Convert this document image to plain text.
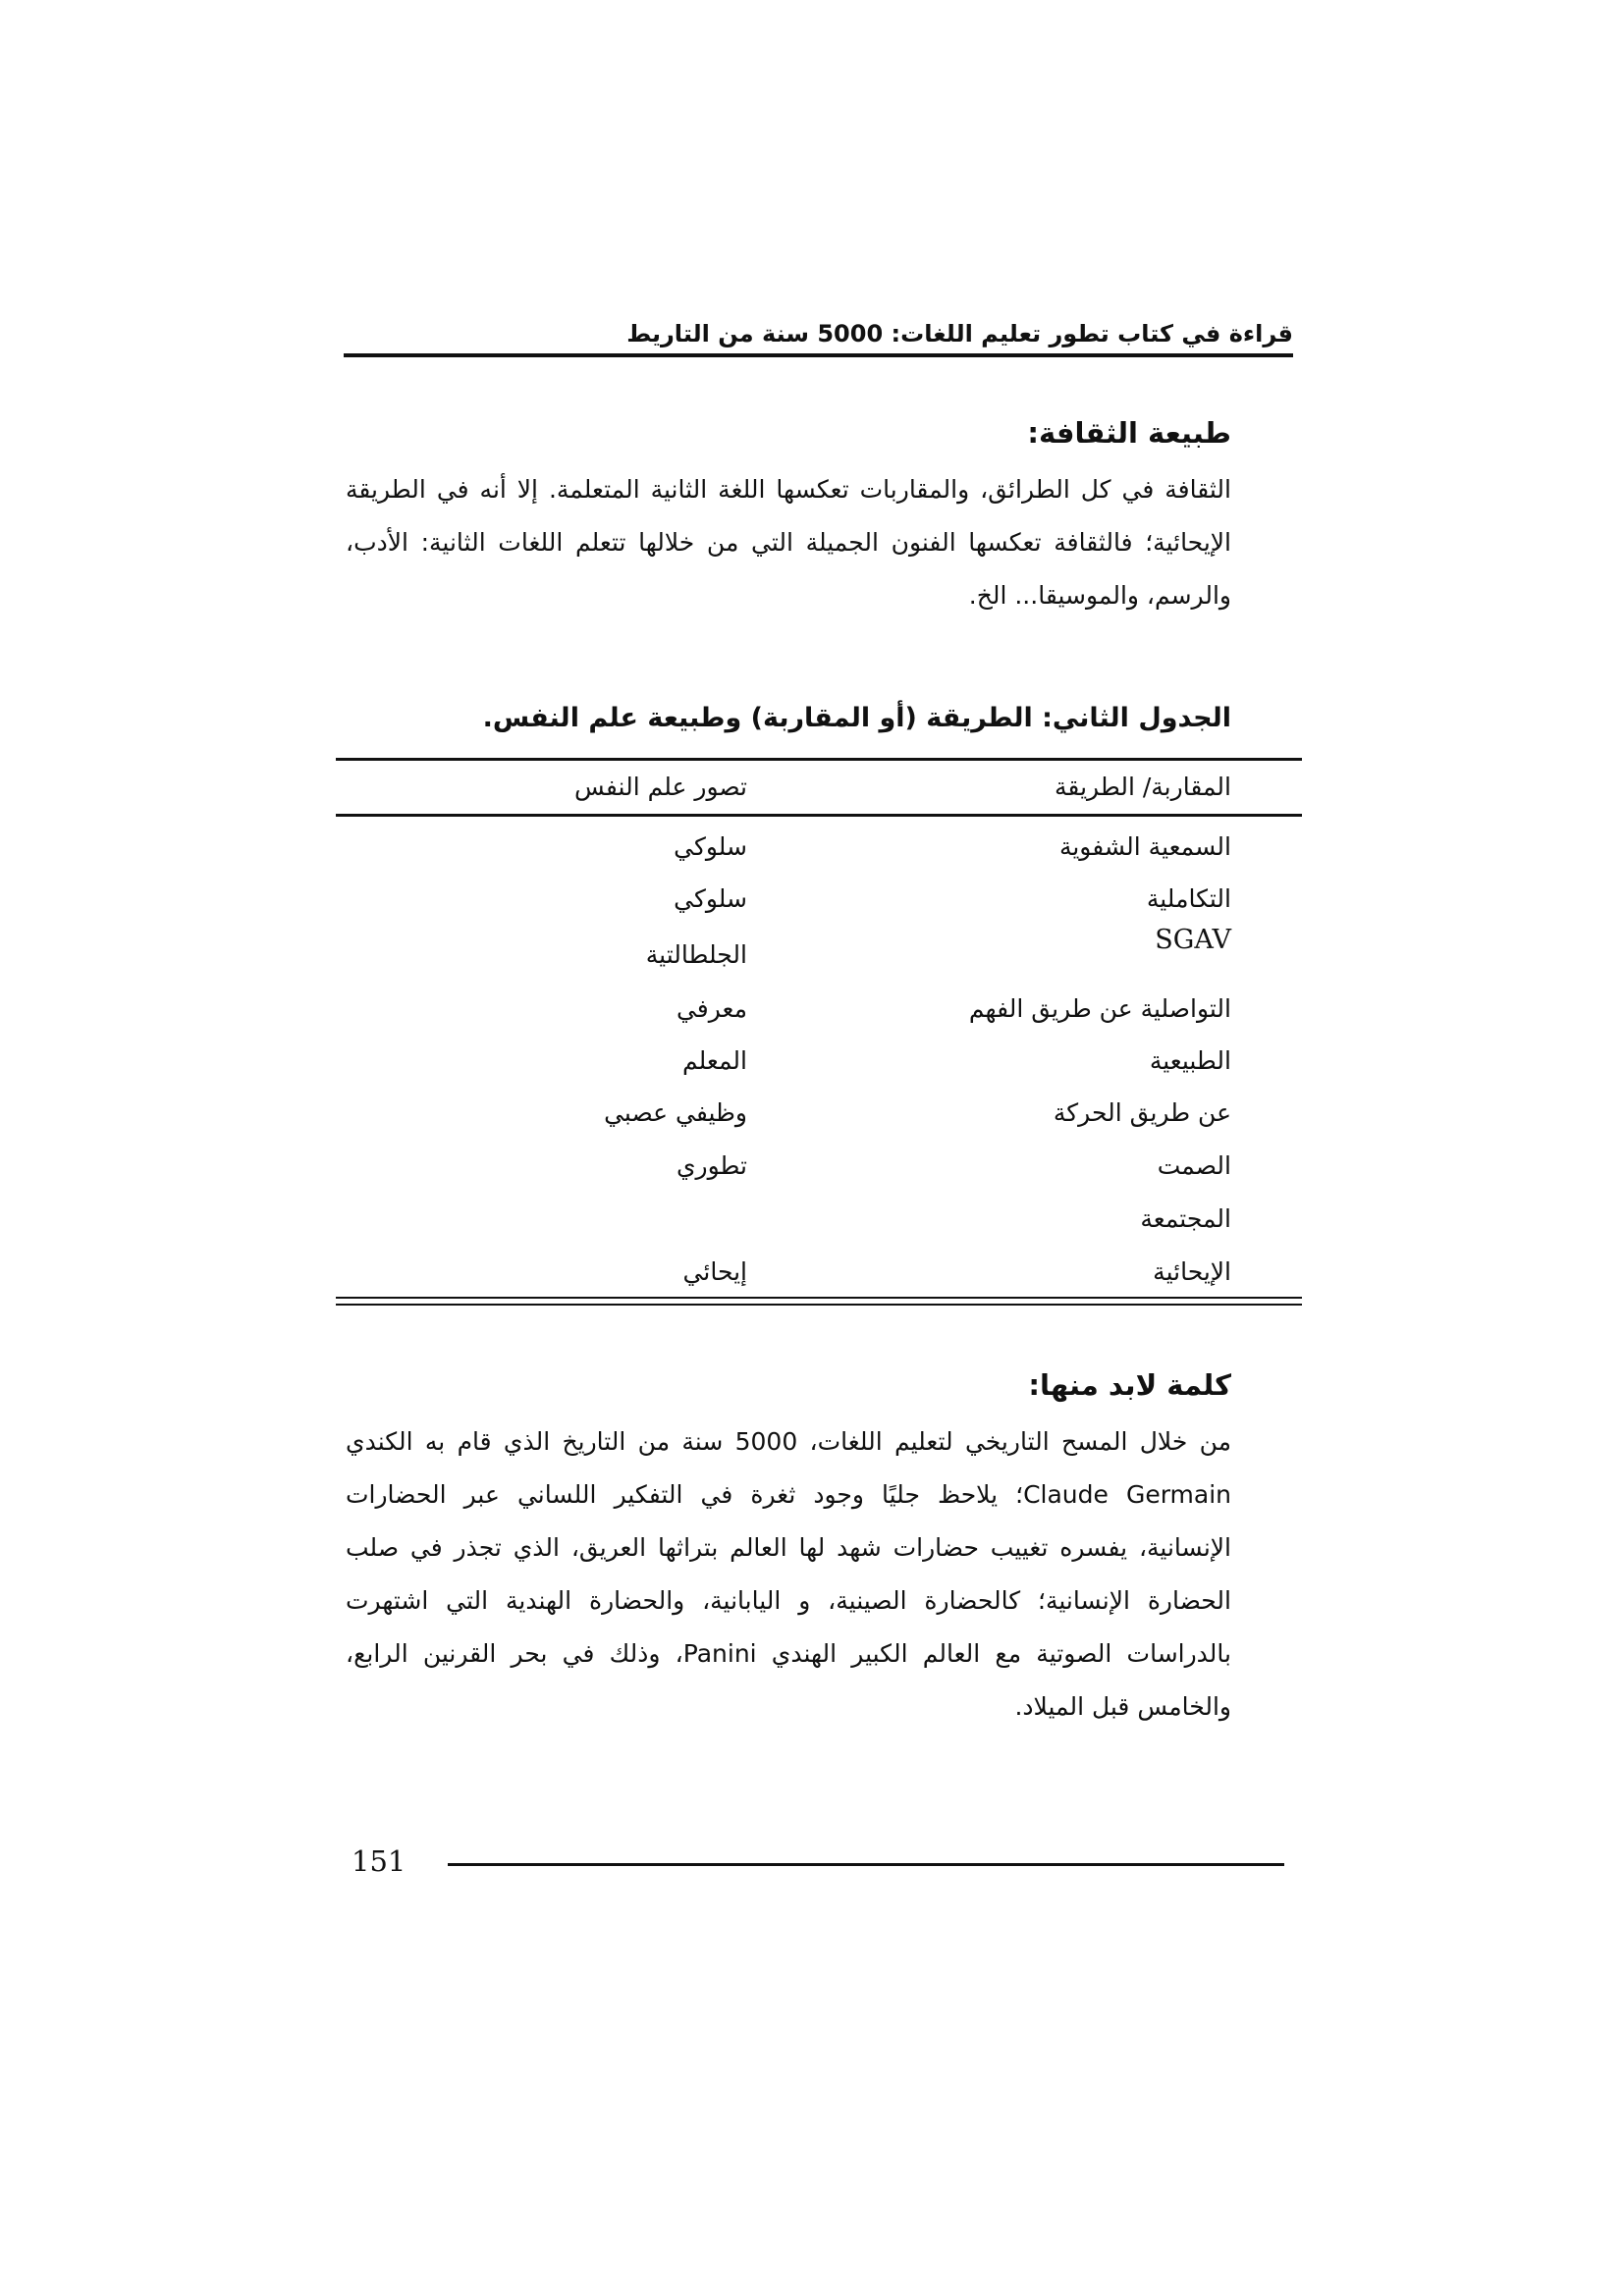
قراءة في كتاب تطور تعليم اللغات: 5000 سنة من التاريط
طبيعة الثقافة:

الثقافة في كل الطرائق، والمقاربات تعكسها اللغة الثانية المتعلمة. إلا أنه في الطريقة الإيحائية؛ فالثقافة تعكسها الفنون الجميلة التي من خلالها تتعلم اللغات الثانية: الأدب، والرسم، والموسيقا... الخ.

الجدول الثاني: الطريقة (أو المقاربة) وطبيعة علم النفس.
المقاربة/ الطريقة
تصور علم النفس
السمعية الشفوية
سلوكي
التكاملية
سلوكي
SGAV
الجلطالتية
التواصلية عن طريق الفهم
معرفي
الطبيعية
المعلم
عن طريق الحركة
وظيفي عصبي
الصمت
تطوري
المجتمعة
الإيحائية
إيحائي
كلمة لابد منها:

من خلال المسح التاريخي لتعليم اللغات، 5000 سنة من التاريخ الذي قام به الكندي Claude Germain؛ يلاحظ جليًا وجود ثغرة في التفكير اللساني عبر الحضارات الإنسانية، يفسره تغييب حضارات شهد لها العالم بتراثها العريق، الذي تجذر في صلب الحضارة الإنسانية؛ كالحضارة الصينية، و اليابانية، والحضارة الهندية التي اشتهرت بالدراسات الصوتية مع العالم الكبير الهندي Panini، وذلك في بحر القرنين الرابع، والخامس قبل الميلاد.

151
